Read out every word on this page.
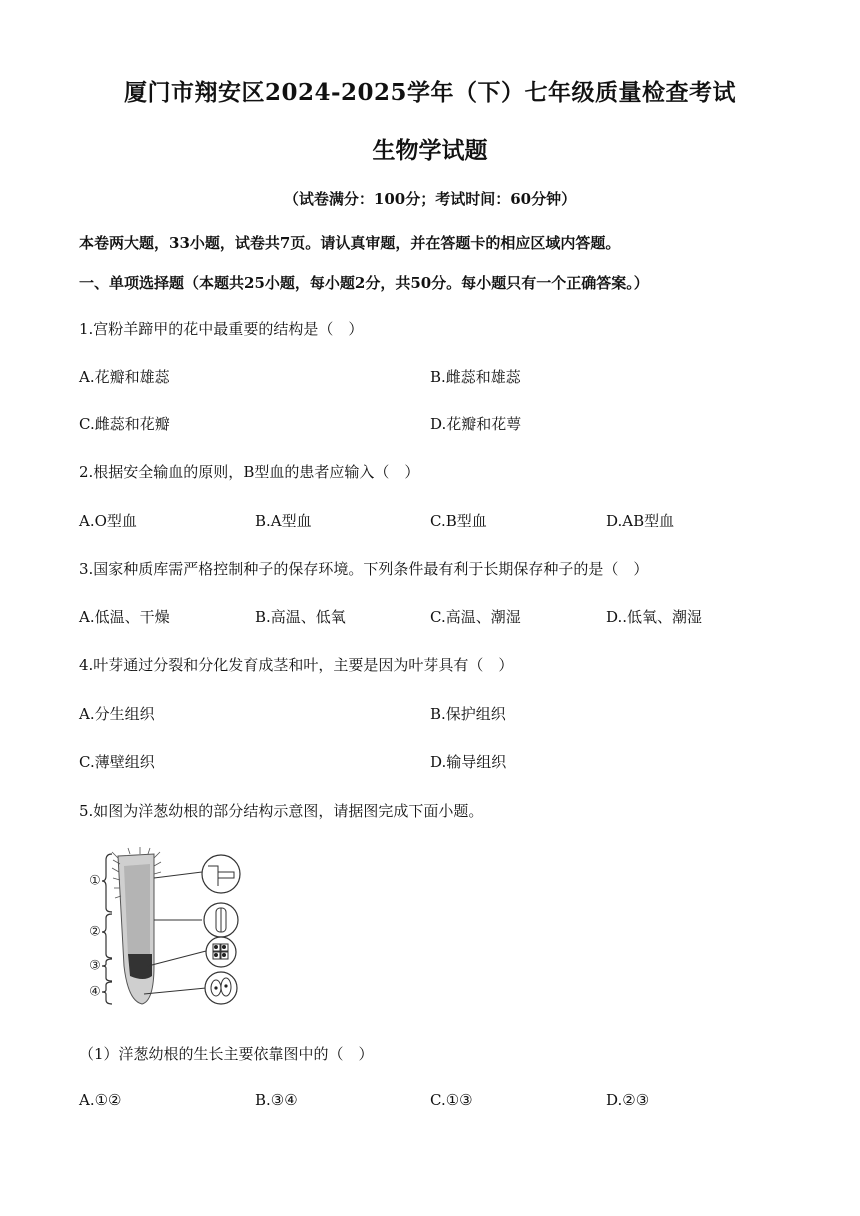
厦门市翔安区2024-2025学年（下）七年级质量检查考试
生物学试题
（试卷满分：100分；考试时间：60分钟）
本卷两大题，33小题，试卷共7页。请认真审题，并在答题卡的相应区域内答题。
一、单项选择题（本题共25小题，每小题2分，共50分。每小题只有一个正确答案。）
1.宫粉羊蹄甲的花中最重要的结构是（　）
A.花瓣和雄蕊	B.雌蕊和雄蕊
C.雌蕊和花瓣	D.花瓣和花萼
2.根据安全输血的原则，B型血的患者应输入（　）
A.O型血	B.A型血	C.B型血	D.AB型血
3.国家种质库需严格控制种子的保存环境。下列条件最有利于长期保存种子的是（　）
A.低温、干燥	B.高温、低氧	C.高温、潮湿	D..低氧、潮湿
4.叶芽通过分裂和分化发育成茎和叶，主要是因为叶芽具有（　）
A.分生组织	B.保护组织
C.薄壁组织	D.输导组织
5.如图为洋葱幼根的部分结构示意图，请据图完成下面小题。
①
②
③
④
（1）洋葱幼根的生长主要依靠图中的（　）
A.①②	B.③④	C.①③	D.②③
